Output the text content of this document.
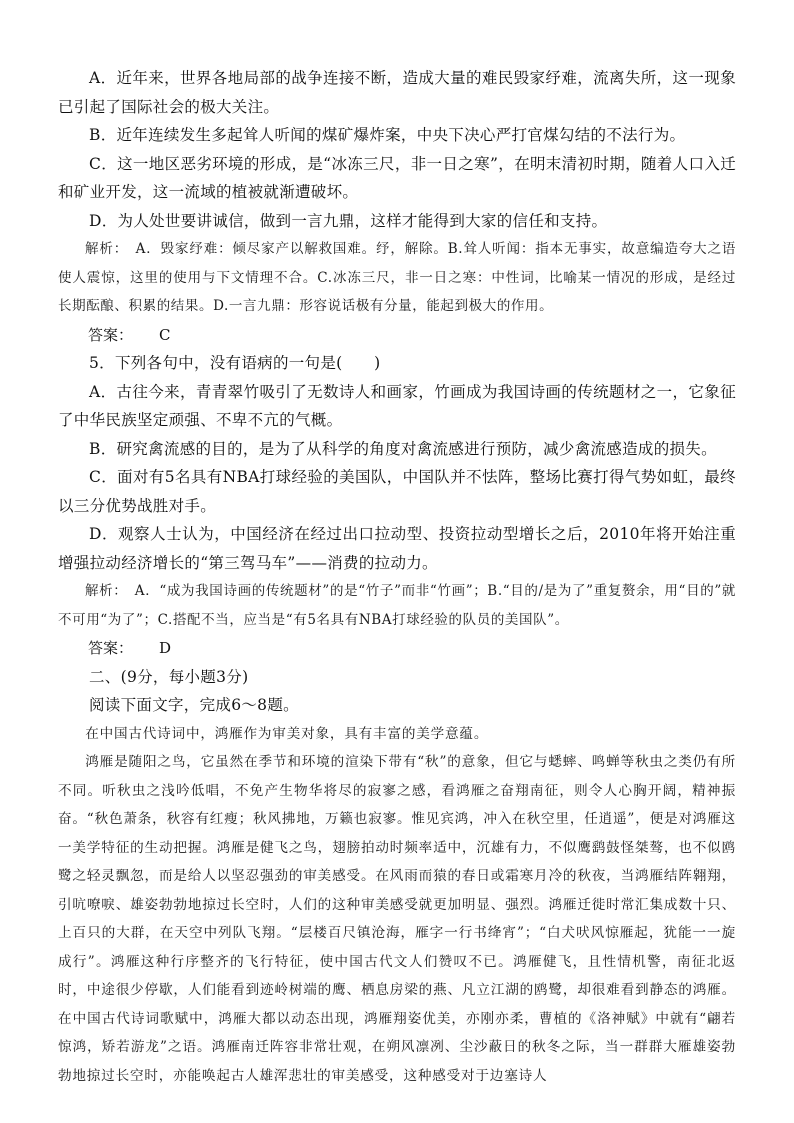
A．近年来，世界各地局部的战争连接不断，造成大量的难民毁家纾难，流离失所，这一现象已引起了国际社会的极大关注。

B．近年连续发生多起耸人听闻的煤矿爆炸案，中央下决心严打官煤勾结的不法行为。

C．这一地区恶劣环境的形成，是“冰冻三尺，非一日之寒”，在明末清初时期，随着人口入迁和矿业开发，这一流域的植被就渐遭破坏。

D．为人处世要讲诚信，做到一言九鼎，这样才能得到大家的信任和支持。

解析：　A．毁家纾难：倾尽家产以解救国难。纾，解除。B.耸人听闻：指本无事实，故意编造夸大之语使人震惊，这里的使用与下文情理不合。C.冰冻三尺，非一日之寒：中性词，比喻某一情况的形成，是经过长期酝酿、积累的结果。D.一言九鼎：形容说话极有分量，能起到极大的作用。

答案： C

5．下列各句中，没有语病的一句是(　　)

A．古往今来，青青翠竹吸引了无数诗人和画家，竹画成为我国诗画的传统题材之一，它象征了中华民族坚定顽强、不卑不亢的气概。

B．研究禽流感的目的，是为了从科学的角度对禽流感进行预防，减少禽流感造成的损失。

C．面对有5名具有NBA打球经验的美国队，中国队并不怯阵，整场比赛打得气势如虹，最终以三分优势战胜对手。

D．观察人士认为，中国经济在经过出口拉动型、投资拉动型增长之后，2010年将开始注重增强拉动经济增长的“第三驾马车”——消费的拉动力。

解析：　A．“成为我国诗画的传统题材”的是“竹子”而非“竹画”；B.“目的/是为了”重复赘余，用“目的”就不可用“为了”；C.搭配不当，应当是“有5名具有NBA打球经验的队员的美国队”。

答案： D

二、(9分，每小题3分)

阅读下面文字，完成6～8题。

在中国古代诗词中，鸿雁作为审美对象，具有丰富的美学意蕴。

鸿雁是随阳之鸟，它虽然在季节和环境的渲染下带有“秋”的意象，但它与蟋蟀、鸣蝉等秋虫之类仍有所不同。听秋虫之浅吟低唱，不免产生物华将尽的寂寥之感，看鸿雁之奋翔南征，则令人心胸开阔，精神振奋。“秋色萧条，秋容有红瘦；秋风拂地，万籁也寂寥。惟见宾鸿，冲入在秋空里，任逍遥”，便是对鸿雁这一美学特征的生动把握。鸿雁是健飞之鸟，翅膀拍动时频率适中，沉雄有力，不似鹰鹞鼓怪桀骜，也不似鸥鹭之轻灵飘忽，而是给人以坚忍强劲的审美感受。在风雨而猿的春日或霜寒月冷的秋夜，当鸿雁结阵翱翔，引吭嘹唳、雄姿勃勃地掠过长空时，人们的这种审美感受就更加明显、强烈。鸿雁迁徙时常汇集成数十只、上百只的大群，在天空中列队飞翔。“层楼百尺镇沧海，雁字一行书绛宵”；“白犬吠风惊雁起，犹能一一旋成行”。鸿雁这种行序整齐的飞行特征，使中国古代文人们赞叹不已。鸿雁健飞，且性情机警，南征北返时，中途很少停歇，人们能看到迹岭树端的鹰、栖息房梁的燕、凡立江湖的鸥鹭，却很难看到静态的鸿雁。在中国古代诗词歌赋中，鸿雁大都以动态出现，鸿雁翔姿优美，亦刚亦柔，曹植的《洛神赋》中就有“翩若惊鸿，矫若游龙”之语。鸿雁南迁阵容非常壮观，在朔风凛冽、尘沙蔽日的秋冬之际，当一群群大雁雄姿勃勃地掠过长空时，亦能唤起古人雄浑悲壮的审美感受，这种感受对于边塞诗人
